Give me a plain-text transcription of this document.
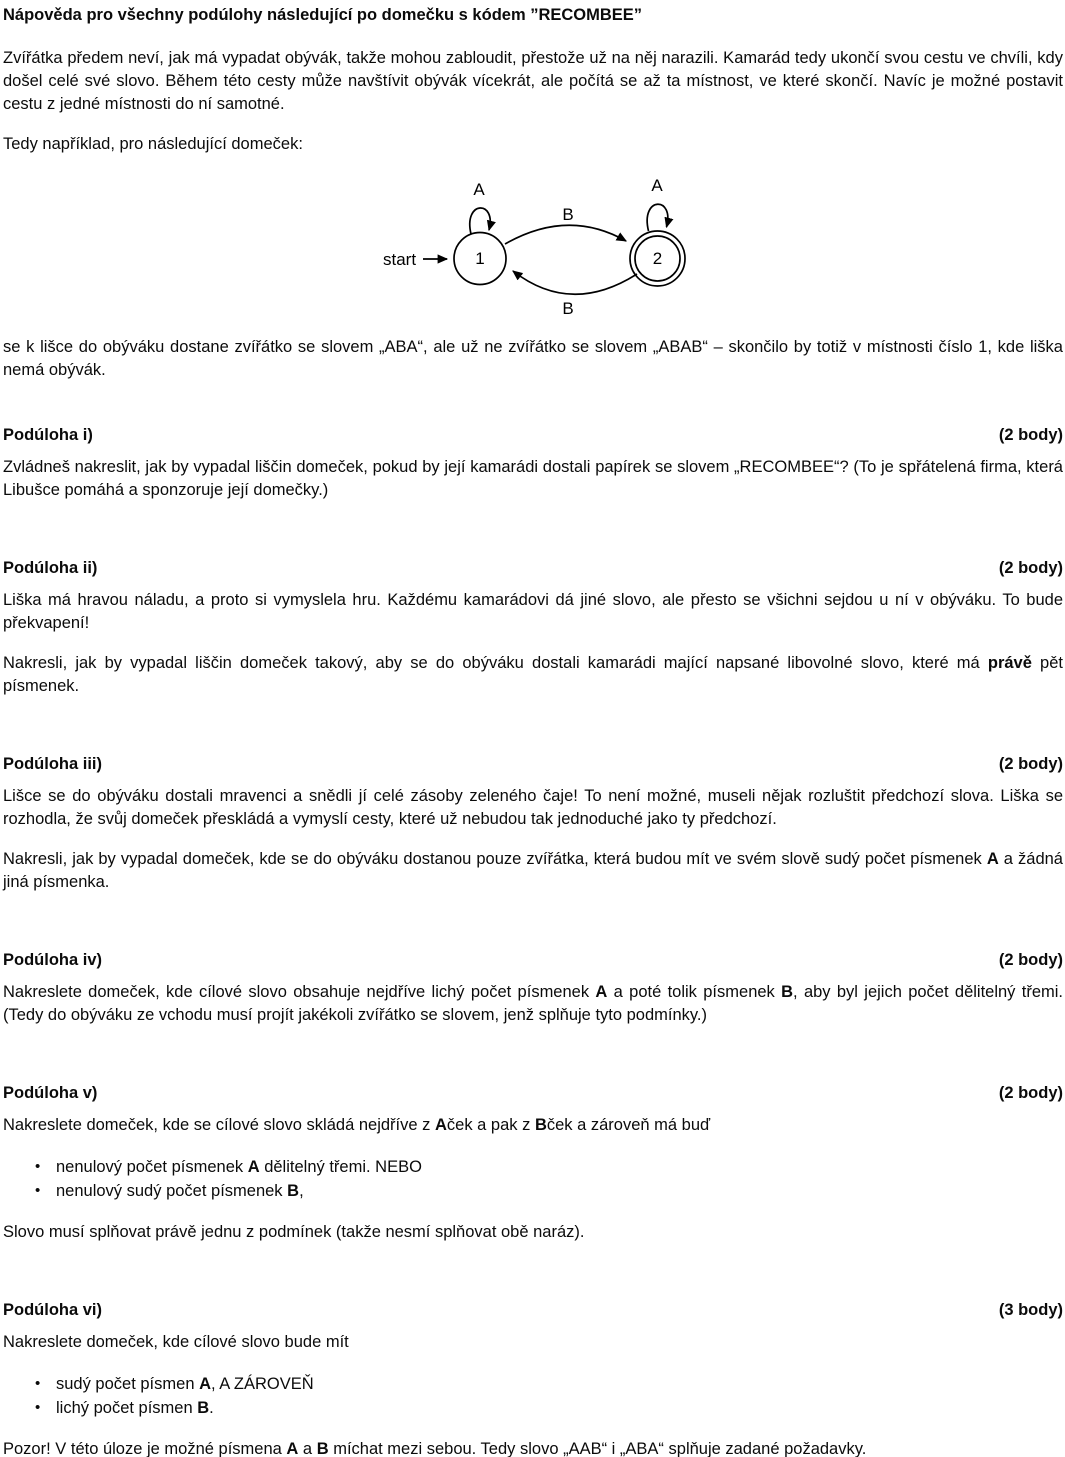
Nápověda pro všechny podúlohy následující po domečku s kódem ”RECOMBEE”

Zvířátka předem neví, jak má vypadat obývák, takže mohou zabloudit, přestože už na něj narazili. Kamarád tedy ukončí svou cestu ve chvíli, kdy došel celé své slovo. Během této cesty může navštívit obývák vícekrát, ale počítá se až ta místnost, ve které skončí. Navíc je možné postavit cestu z jedné místnosti do ní samotné.

Tedy například, pro následující domeček:

start	1	2
A	A
B
B

se k lišce do obýváku dostane zvířátko se slovem „ABA“, ale už ne zvířátko se slovem „ABAB“ – skončilo by totiž v místnosti číslo 1, kde liška nemá obývák.

Podúloha i)	(2 body)

Zvládneš nakreslit, jak by vypadal liščin domeček, pokud by její kamarádi dostali papírek se slovem „RECOMBEE“? (To je spřátelená firma, která Libušce pomáhá a sponzoruje její domečky.)

Podúloha ii)	(2 body)

Liška má hravou náladu, a proto si vymyslela hru. Každému kamarádovi dá jiné slovo, ale přesto se všichni sejdou u ní v obýváku. To bude překvapení!

Nakresli, jak by vypadal liščin domeček takový, aby se do obýváku dostali kamarádi mající napsané libovolné slovo, které má právě pět písmenek.

Podúloha iii)	(2 body)

Lišce se do obýváku dostali mravenci a snědli jí celé zásoby zeleného čaje! To není možné, museli nějak rozluštit předchozí slova. Liška se rozhodla, že svůj domeček přeskládá a vymyslí cesty, které už nebudou tak jednoduché jako ty předchozí.

Nakresli, jak by vypadal domeček, kde se do obýváku dostanou pouze zvířátka, která budou mít ve svém slově sudý počet písmenek A a žádná jiná písmenka.

Podúloha iv)	(2 body)

Nakreslete domeček, kde cílové slovo obsahuje nejdříve lichý počet písmenek A a poté tolik písmenek B, aby byl jejich počet dělitelný třemi. (Tedy do obýváku ze vchodu musí projít jakékoli zvířátko se slovem, jenž splňuje tyto podmínky.)

Podúloha v)	(2 body)

Nakreslete domeček, kde se cílové slovo skládá nejdříve z Aček a pak z Bček a zároveň má buď

• nenulový počet písmenek A dělitelný třemi. NEBO
• nenulový sudý počet písmenek B,

Slovo musí splňovat právě jednu z podmínek (takže nesmí splňovat obě naráz).

Podúloha vi)	(3 body)

Nakreslete domeček, kde cílové slovo bude mít

• sudý počet písmen A, A ZÁROVEŇ
• lichý počet písmen B.

Pozor! V této úloze je možné písmena A a B míchat mezi sebou. Tedy slovo „AAB“ i „ABA“ splňuje zadané požadavky.
